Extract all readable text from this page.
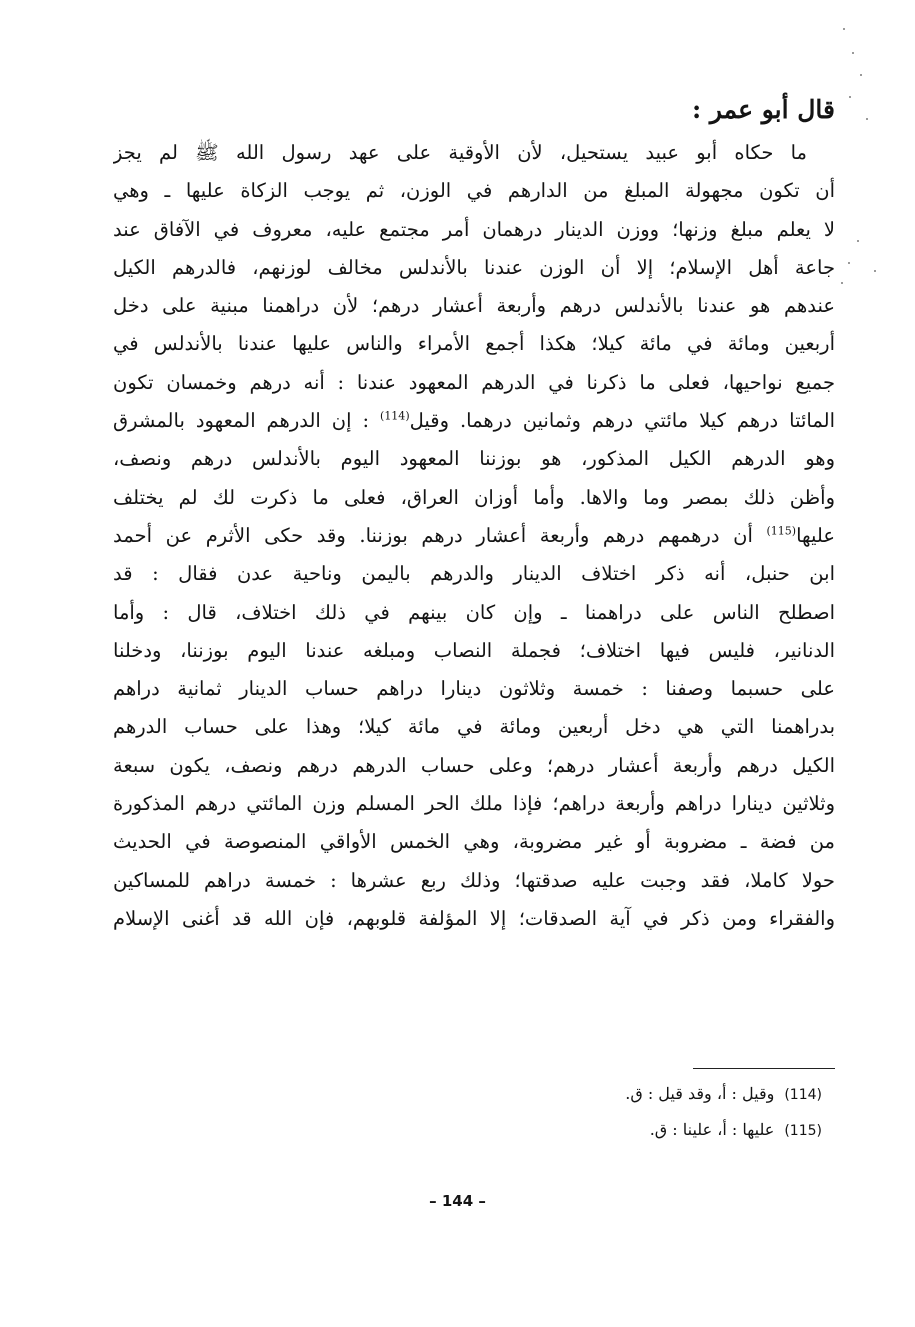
قال أبو عمر :
ما حكاه أبو عبيد يستحيل، لأن الأوقية على عهد رسول الله ﷺ لم يجز
أن تكون مجهولة المبلغ من الدارهم في الوزن، ثم يوجب الزكاة عليها ـ وهي
لا يعلم مبلغ وزنها؛ ووزن الدينار درهمان أمر مجتمع عليه، معروف في الآفاق عند
جاعة أهل الإسلام؛ إلا أن الوزن عندنا بالأندلس مخالف لوزنهم، فالدرهم الكيل
عندهم هو عندنا بالأندلس درهم وأربعة أعشار درهم؛ لأن دراهمنا مبنية على دخل
أربعين ومائة في مائة كيلا؛ هكذا أجمع الأمراء والناس عليها عندنا بالأندلس في
جميع نواحيها، فعلى ما ذكرنا في الدرهم المعهود عندنا : أنه درهم وخمسان تكون
المائتا درهم كيلا مائتي درهم وثمانين درهما. وقيل$^{(114)}$ : إن الدرهم المعهود بالمشرق
وهو الدرهم الكيل المذكور، هو بوزننا المعهود اليوم بالأندلس درهم ونصف،
وأظن ذلك بمصر وما والاها. وأما أوزان العراق، فعلى ما ذكرت لك لم يختلف
عليها$^{(115)}$ أن درهمهم درهم وأربعة أعشار درهم بوزننا. وقد حكى الأثرم عن أحمد
ابن حنبل، أنه ذكر اختلاف الدينار والدرهم باليمن وناحية عدن فقال : قد
اصطلح الناس على دراهمنا ـ وإن كان بينهم في ذلك اختلاف، قال : وأما
الدنانير، فليس فيها اختلاف؛ فجملة النصاب ومبلغه عندنا اليوم بوزننا، ودخلنا
على حسبما وصفنا : خمسة وثلاثون دينارا دراهم حساب الدينار ثمانية دراهم
بدراهمنا التي هي دخل أربعين ومائة في مائة كيلا؛ وهذا على حساب الدرهم
الكيل درهم وأربعة أعشار درهم؛ وعلى حساب الدرهم درهم ونصف، يكون سبعة
وثلاثين دينارا دراهم وأربعة دراهم؛ فإذا ملك الحر المسلم وزن المائتي درهم المذكورة
من فضة ـ مضروبة أو غير مضروبة، وهي الخمس الأواقي المنصوصة في الحديث
حولا كاملا، فقد وجبت عليه صدقتها؛ وذلك ربع عشرها : خمسة دراهم للمساكين
والفقراء ومن ذكر في آية الصدقات؛ إلا المؤلفة قلوبهم، فإن الله قد أغنى الإسلام
(114)وقيل : أ، وقد قيل : ق.
(115)عليها : أ، علينا : ق.
– 144 –
